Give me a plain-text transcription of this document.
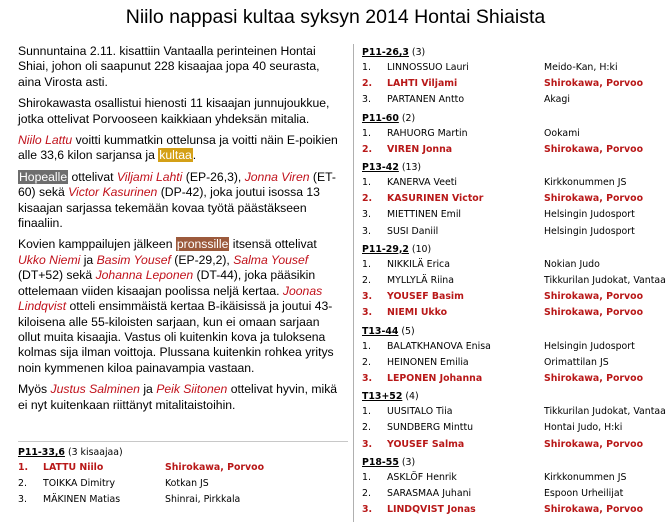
Niilo nappasi kultaa syksyn 2014 Hontai Shiaista

Sunnuntaina 2.11. kisattiin Vantaalla perinteinen Hontai Shiai, johon oli saapunut 228 kisaajaa jopa 40 seurasta, aina Virosta asti.

Shirokawasta osallistui hienosti 11 kisaajan junnujoukkue, jotka ottelivat Porvooseen kaikkiaan yhdeksän mitalia.

Niilo Lattu voitti kummatkin ottelunsa ja voitti näin E-poikien alle 33,6 kilon sarjansa ja kultaa.

Hopealle ottelivat Viljami Lahti (EP-26,3), Jonna Viren (ET-60) sekä Victor Kasurinen (DP-42), joka joutui isossa 13 kisaajan sarjassa tekemään kovaa työtä päästäkseen finaaliin.

Kovien kamppailujen jälkeen pronssille itsensä ottelivat Ukko Niemi ja Basim Yousef (EP-29,2), Salma Yousef (DT+52) sekä Johanna Leponen (DT-44), joka pääsikin ottelemaan viiden kisaajan poolissa neljä kertaa. Joonas Lindqvist otteli ensimmäistä kertaa B-ikäisissä ja joutui 43-kiloisena alle 55-kiloisten sarjaan, kun ei omaan sarjaan ollut muita kisaajia. Vastus oli kuitenkin kova ja tuloksena kolmas sija ilman voittoja. Plussana kuitenkin rohkea yritys noin kymmenen kiloa painavampia vastaan.

Myös Justus Salminen ja Peik Siitonen ottelivat hyvin, mikä ei nyt kuitenkaan riittänyt mitalitaistoihin.

P11-33,6 (3 kisaajaa)
1.	LATTU Niilo	Shirokawa, Porvoo
2.	TOIKKA Dimitry	Kotkan JS
3.	MÄKINEN Matias	Shinrai, Pirkkala
P11-26,3 (3)
1.	LINNOSSUO Lauri	Meido-Kan, H:ki
2.	LAHTI Viljami	Shirokawa, Porvoo
3.	PARTANEN Antto	Akagi
P11-60 (2)
1.	RAHUORG Martin	Ookami
2.	VIREN Jonna	Shirokawa, Porvoo
P13-42 (13)
1.	KANERVA Veeti	Kirkkonummen JS
2.	KASURINEN Victor	Shirokawa, Porvoo
3.	MIETTINEN Emil	Helsingin Judosport
3.	SUSI Daniil	Helsingin Judosport
P11-29,2 (10)
1.	NIKKILÄ Erica	Nokian Judo
2.	MYLLYLÄ Riina	Tikkurilan Judokat, Vantaa
3.	YOUSEF Basim	Shirokawa, Porvoo
3.	NIEMI Ukko	Shirokawa, Porvoo
T13-44 (5)
1.	BALATKHANOVA Enisa	Helsingin Judosport
2.	HEINONEN Emilia	Orimattilan JS
3.	LEPONEN Johanna	Shirokawa, Porvoo
T13+52 (4)
1.	UUSITALO Tiia	Tikkurilan Judokat, Vantaa
2.	SUNDBERG Minttu	Hontai Judo, H:ki
3.	YOUSEF Salma	Shirokawa, Porvoo
P18-55 (3)
1.	ASKLÖF Henrik	Kirkkonummen JS
2.	SARASMAA Juhani	Espoon Urheilijat
3.	LINDQVIST Jonas	Shirokawa, Porvoo
